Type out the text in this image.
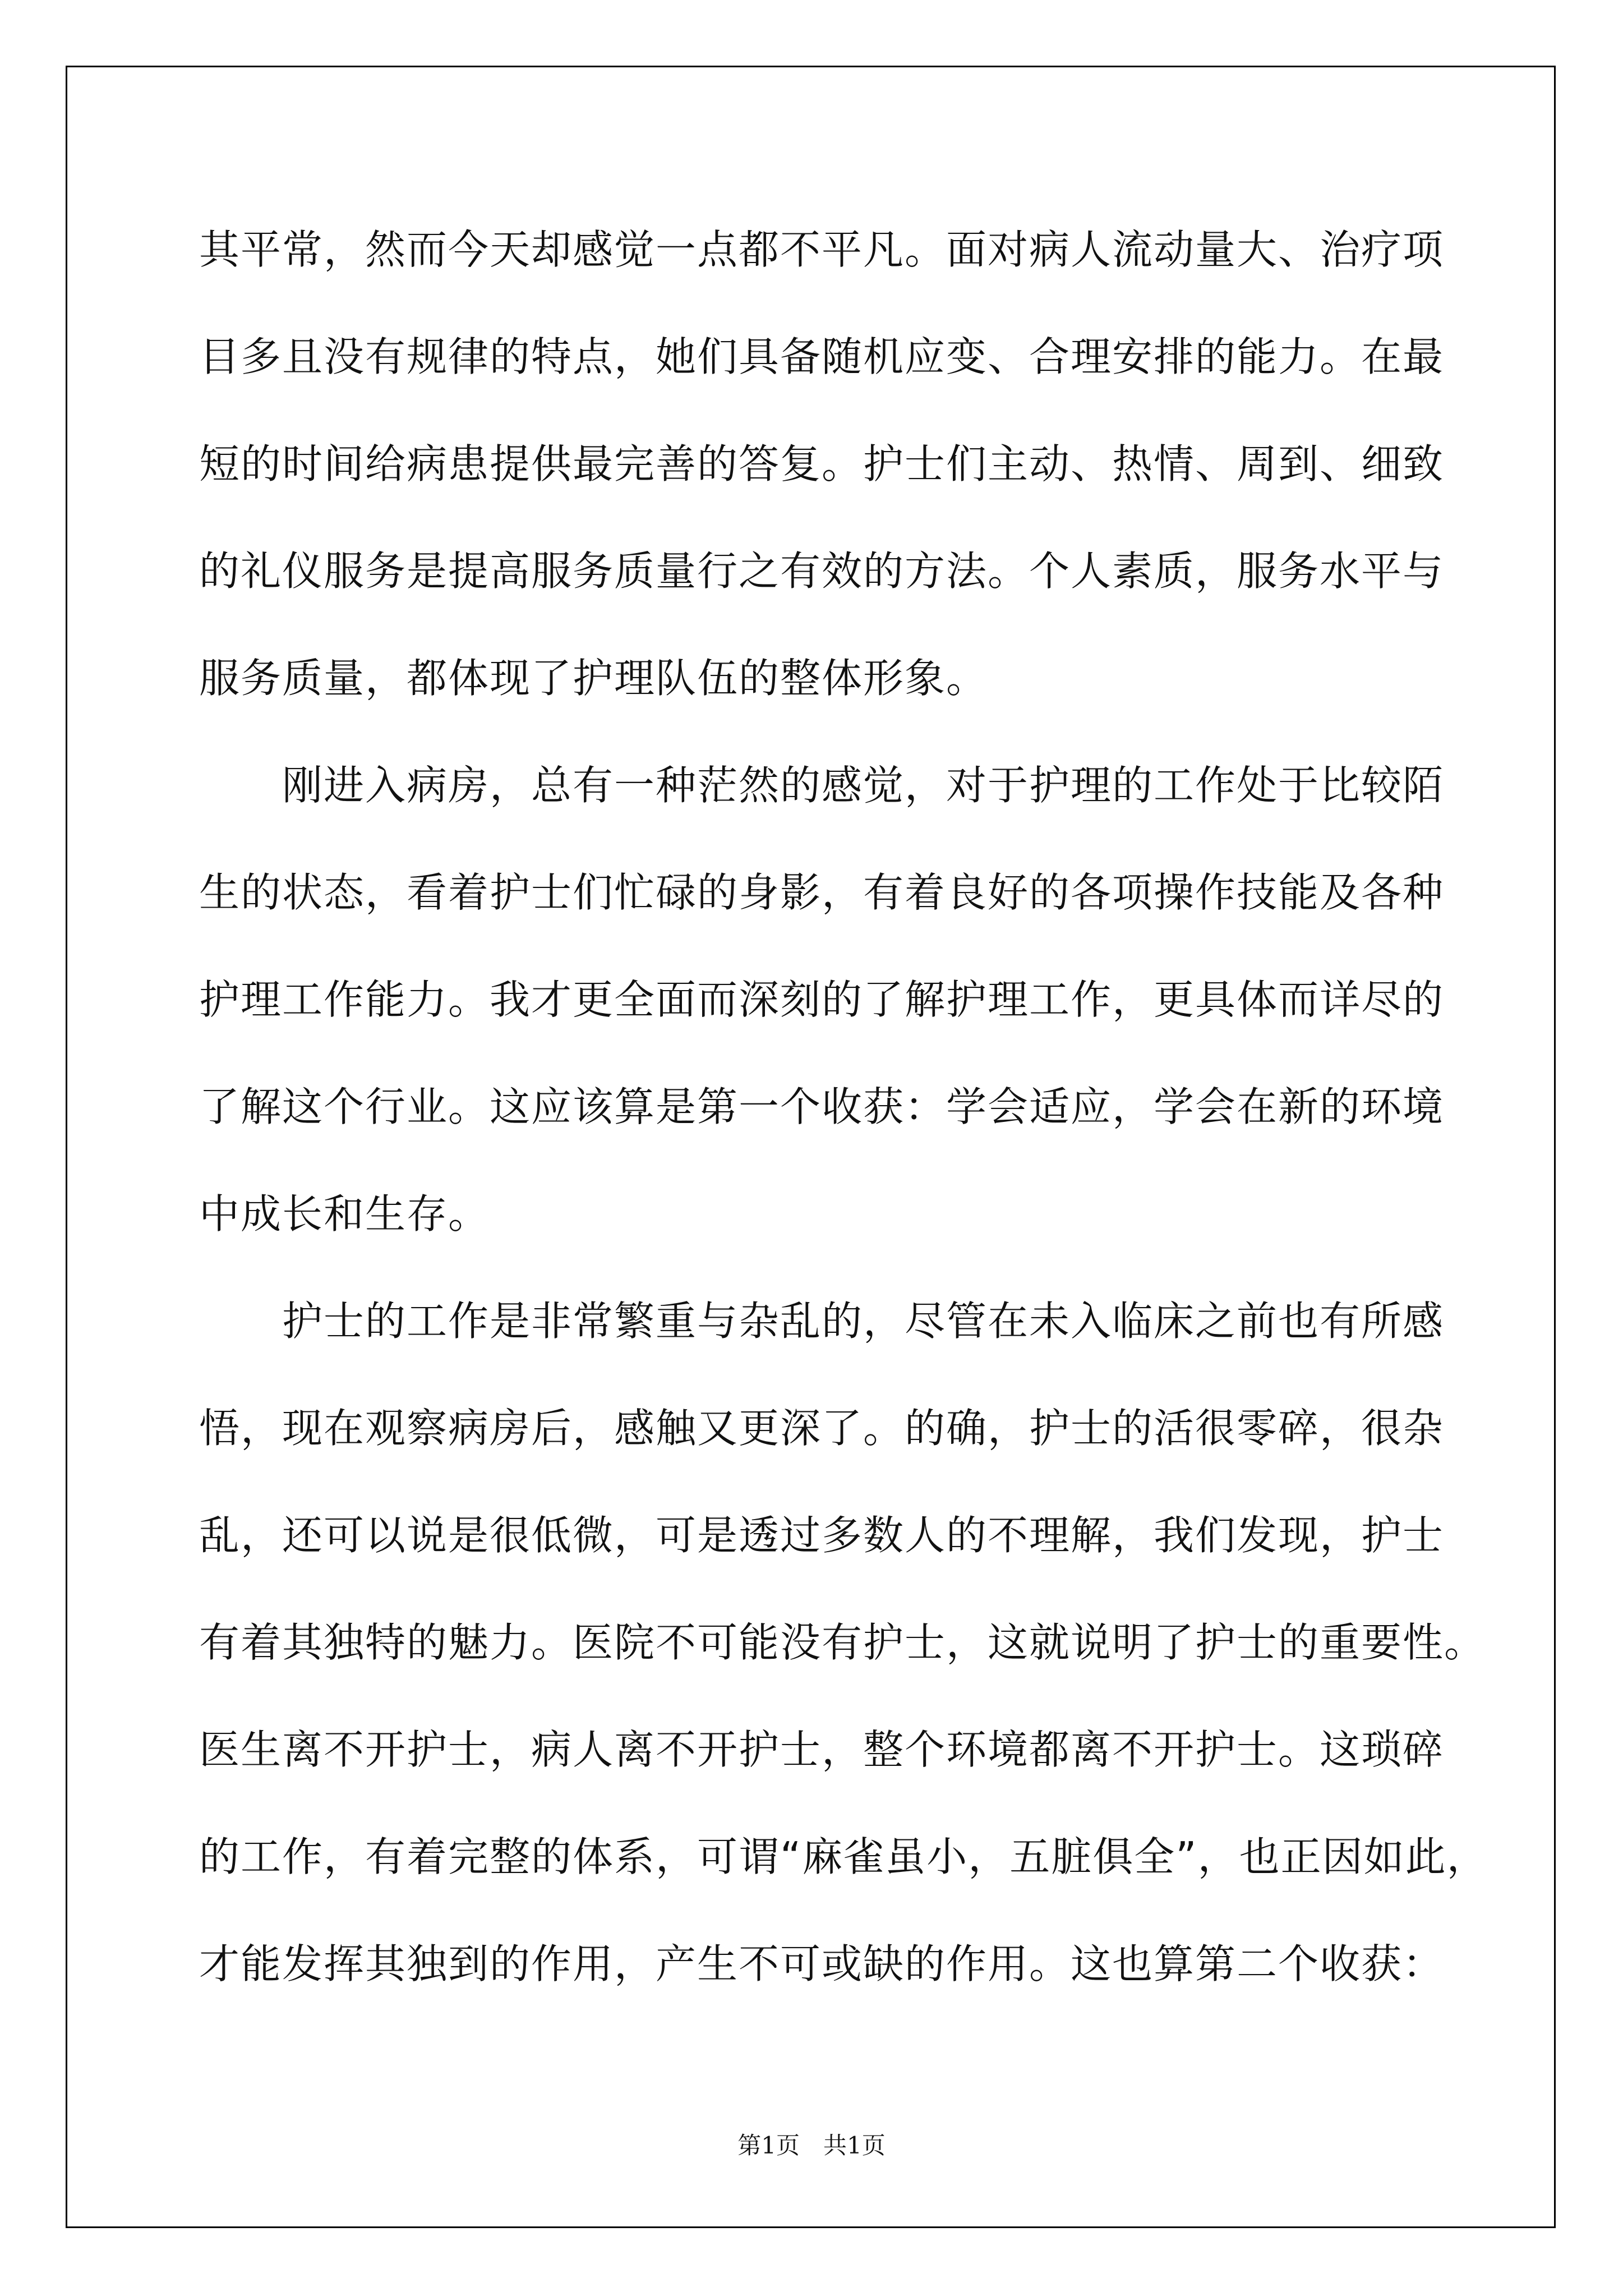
其平常，然而今天却感觉一点都不平凡。面对病人流动量大、治疗项
目多且没有规律的特点，她们具备随机应变、合理安排的能力。在最
短的时间给病患提供最完善的答复。护士们主动、热情、周到、细致
的礼仪服务是提高服务质量行之有效的方法。个人素质，服务水平与
服务质量，都体现了护理队伍的整体形象。
刚进入病房，总有一种茫然的感觉，对于护理的工作处于比较陌
生的状态，看着护士们忙碌的身影，有着良好的各项操作技能及各种
护理工作能力。我才更全面而深刻的了解护理工作，更具体而详尽的
了解这个行业。这应该算是第一个收获：学会适应，学会在新的环境
中成长和生存。
护士的工作是非常繁重与杂乱的，尽管在未入临床之前也有所感
悟，现在观察病房后，感触又更深了。的确，护士的活很零碎，很杂
乱，还可以说是很低微，可是透过多数人的不理解，我们发现，护士
有着其独特的魅力。医院不可能没有护士，这就说明了护士的重要性。
医生离不开护士，病人离不开护士，整个环境都离不开护士。这琐碎
的工作，有着完整的体系，可谓“麻雀虽小，五脏俱全”，也正因如此，
才能发挥其独到的作用，产生不可或缺的作用。这也算第二个收获：
第1页　共1页
